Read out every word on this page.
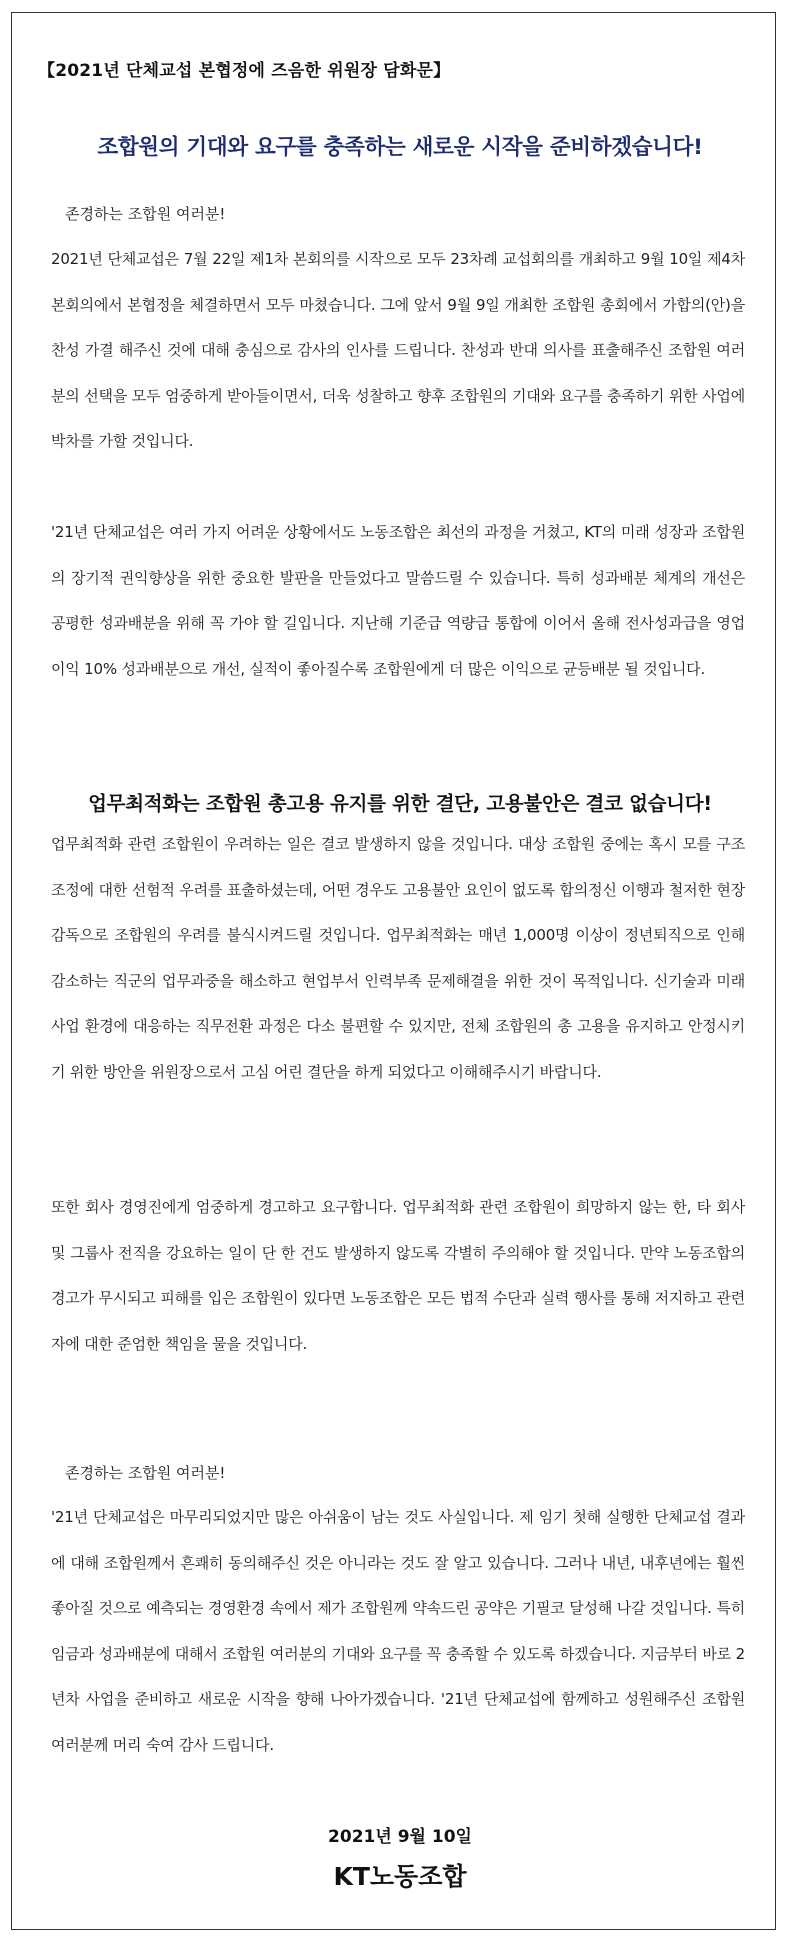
【2021년 단체교섭 본협정에 즈음한 위원장 담화문】
조합원의 기대와 요구를 충족하는 새로운 시작을 준비하겠습니다!
존경하는 조합원 여러분!
2021년 단체교섭은 7월 22일 제1차 본회의를 시작으로 모두 23차례 교섭회의를 개최하고 9월 10일 제4차 본회의에서 본협정을 체결하면서 모두 마쳤습니다. 그에 앞서 9월 9일 개최한 조합원 총회에서 가합의(안)을 찬성 가결 해주신 것에 대해 충심으로 감사의 인사를 드립니다. 찬성과 반대 의사를 표출해주신 조합원 여러분의 선택을 모두 엄중하게 받아들이면서, 더욱 성찰하고 향후 조합원의 기대와 요구를 충족하기 위한 사업에 박차를 가할 것입니다.
'21년 단체교섭은 여러 가지 어려운 상황에서도 노동조합은 최선의 과정을 거쳤고, KT의 미래 성장과 조합원의 장기적 권익향상을 위한 중요한 발판을 만들었다고 말씀드릴 수 있습니다. 특히 성과배분 체계의 개선은 공평한 성과배분을 위해 꼭 가야 할 길입니다. 지난해 기준급 역량급 통합에 이어서 올해 전사성과급을 영업이익 10% 성과배분으로 개선, 실적이 좋아질수록 조합원에게 더 많은 이익으로 균등배분 될 것입니다.
업무최적화는 조합원 총고용 유지를 위한 결단, 고용불안은 결코 없습니다!
업무최적화 관련 조합원이 우려하는 일은 결코 발생하지 않을 것입니다. 대상 조합원 중에는 혹시 모를 구조조정에 대한 선험적 우려를 표출하셨는데, 어떤 경우도 고용불안 요인이 없도록 합의정신 이행과 철저한 현장 감독으로 조합원의 우려를 불식시켜드릴 것입니다. 업무최적화는 매년 1,000명 이상이 정년퇴직으로 인해 감소하는 직군의 업무과중을 해소하고 현업부서 인력부족 문제해결을 위한 것이 목적입니다. 신기술과 미래사업 환경에 대응하는 직무전환 과정은 다소 불편할 수 있지만, 전체 조합원의 총 고용을 유지하고 안정시키기 위한 방안을 위원장으로서 고심 어린 결단을 하게 되었다고 이해해주시기 바랍니다.
또한 회사 경영진에게 엄중하게 경고하고 요구합니다. 업무최적화 관련 조합원이 희망하지 않는 한, 타 회사 및 그룹사 전직을 강요하는 일이 단 한 건도 발생하지 않도록 각별히 주의해야 할 것입니다. 만약 노동조합의 경고가 무시되고 피해를 입은 조합원이 있다면 노동조합은 모든 법적 수단과 실력 행사를 통해 저지하고 관련자에 대한 준엄한 책임을 물을 것입니다.
존경하는 조합원 여러분!
'21년 단체교섭은 마무리되었지만 많은 아쉬움이 남는 것도 사실입니다. 제 임기 첫해 실행한 단체교섭 결과에 대해 조합원께서 흔쾌히 동의해주신 것은 아니라는 것도 잘 알고 있습니다. 그러나 내년, 내후년에는 훨씬 좋아질 것으로 예측되는 경영환경 속에서 제가 조합원께 약속드린 공약은 기필코 달성해 나갈 것입니다. 특히 임금과 성과배분에 대해서 조합원 여러분의 기대와 요구를 꼭 충족할 수 있도록 하겠습니다. 지금부터 바로 2년차 사업을 준비하고 새로운 시작을 향해 나아가겠습니다. '21년 단체교섭에 함께하고 성원해주신 조합원 여러분께 머리 숙여 감사 드립니다.
2021년 9월 10일
KT노동조합
